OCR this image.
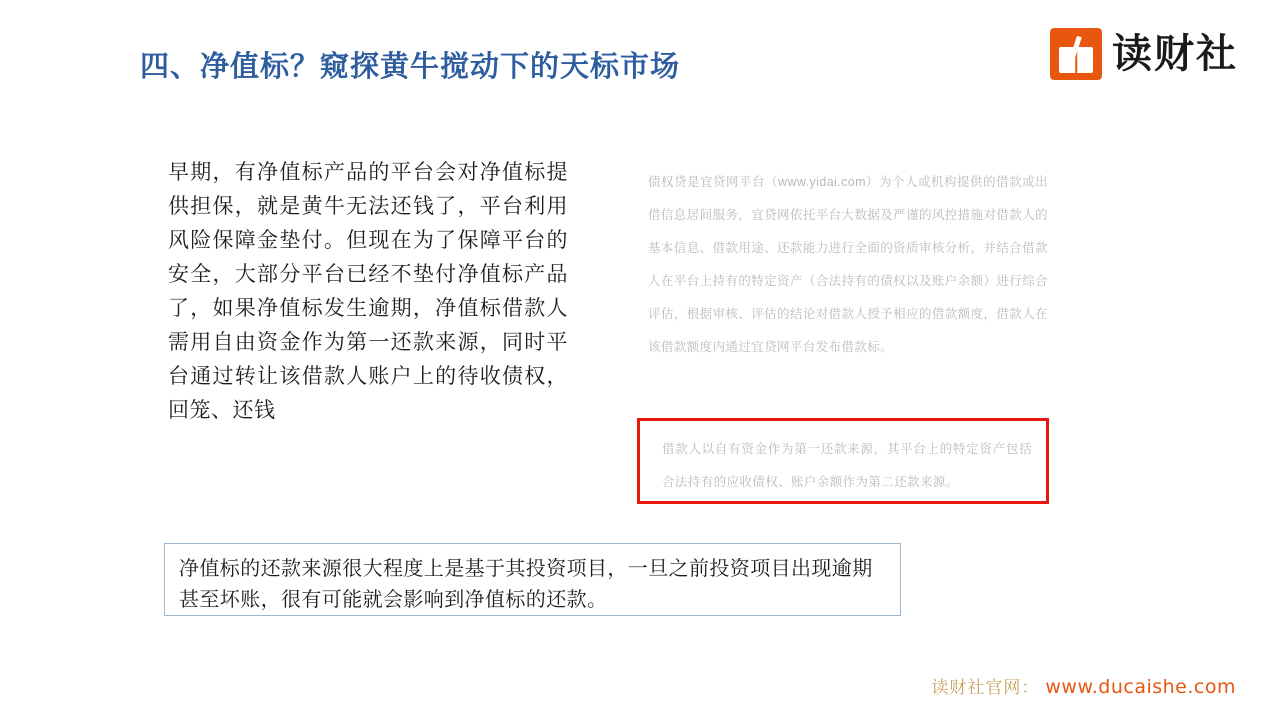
四、净值标？窥探黄牛搅动下的天标市场	读财社
早期，有净值标产品的平台会对净值标提供担保，就是黄牛无法还钱了，平台利用风险保障金垫付。但现在为了保障平台的安全，大部分平台已经不垫付净值标产品了，如果净值标发生逾期，净值标借款人需用自由资金作为第一还款来源，同时平台通过转让该借款人账户上的待收债权，回笼、还钱
债权贷是宜贷网平台（www.yidai.com）为个人或机构提供的借款或出借信息居间服务，宜贷网依托平台大数据及严谨的风控措施对借款人的基本信息、借款用途、还款能力进行全面的资质审核分析，并结合借款人在平台上持有的特定资产（合法持有的债权以及账户余额）进行综合评估，根据审核、评估的结论对借款人授予相应的借款额度，借款人在该借款额度内通过宜贷网平台发布借款标。

借款人以自有资金作为第一还款来源，其平台上的特定资产包括合法持有的应收债权、账户余额作为第二还款来源。

净值标的还款来源很大程度上是基于其投资项目，一旦之前投资项目出现逾期甚至坏账，很有可能就会影响到净值标的还款。

读财社官网： www.ducaishe.com
